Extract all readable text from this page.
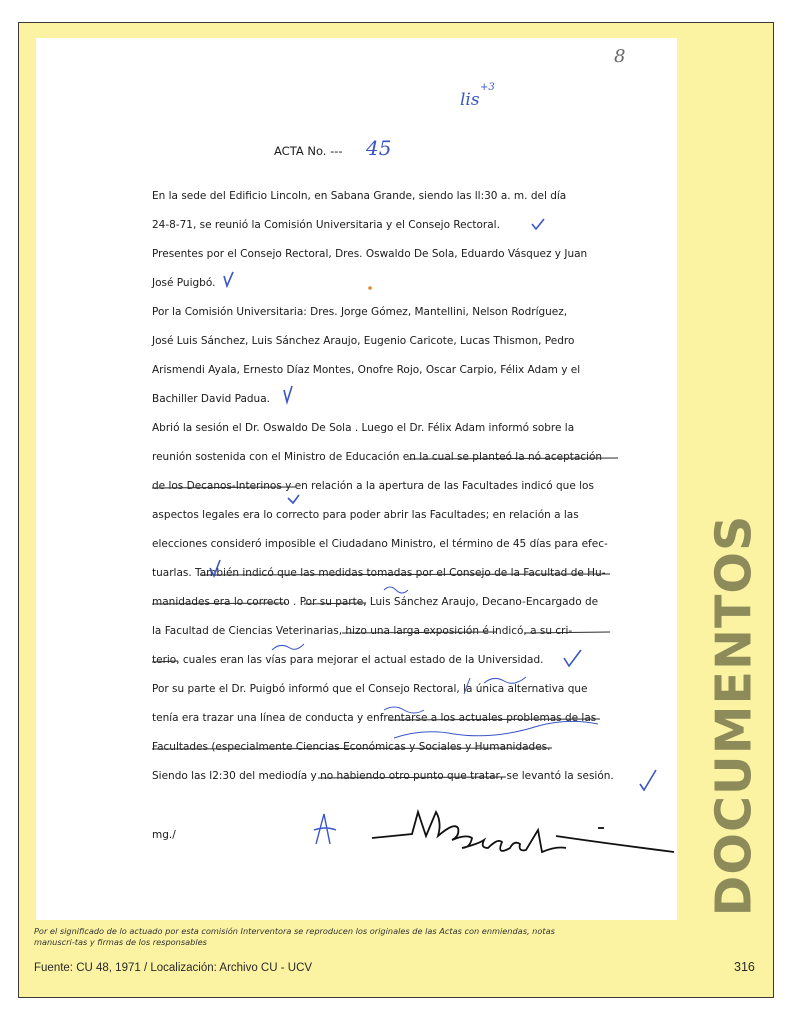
8
lis
+3
ACTA No. --- 45
En la sede del Edificio Lincoln, en Sabana Grande, siendo las ll:30 a. m. del día
24-8-71, se reunió la Comisión Universitaria y el Consejo Rectoral.
Presentes por el Consejo Rectoral, Dres. Oswaldo De Sola, Eduardo Vásquez y Juan
José Puigbó.
Por la Comisión Universitaria: Dres. Jorge Gómez, Mantellini, Nelson Rodríguez,
José Luis Sánchez, Luis Sánchez Araujo, Eugenio Caricote, Lucas Thismon, Pedro
Arismendi Ayala, Ernesto Díaz Montes, Onofre Rojo, Oscar Carpio, Félix Adam y el
Bachiller David Padua.
Abrió la sesión el Dr. Oswaldo De Sola . Luego el Dr. Félix Adam informó sobre la
reunión sostenida con el Ministro de Educación en la cual se planteó la nó aceptación
de los Decanos-Interinos y en relación a la apertura de las Facultades indicó que los
aspectos legales era lo correcto para poder abrir las Facultades; en relación a las
elecciones consideró imposible el Ciudadano Ministro, el término de 45 días para efec-
tuarlas. También indicó que las medidas tomadas por el Consejo de la Facultad de Hu-
manidades era lo correcto . Por su parte, Luis Sánchez Araujo, Decano-Encargado de
la Facultad de Ciencias Veterinarias, hizo una larga exposición é indicó, a su cri-
terio, cuales eran las vías para mejorar el actual estado de la Universidad.
Por su parte el Dr. Puigbó informó que el Consejo Rectoral, la única alternativa que
tenía era trazar una línea de conducta y enfrentarse a los actuales problemas de las
Facultades (especialmente Ciencias Económicas y Sociales y Humanidades.
Siendo las l2:30 del mediodía y no habiendo otro punto que tratar, se levantó la sesión.
mg./	DOCUMENTOS
Por el significado de lo actuado por esta comisión Interventora se reproducen los originales de las Actas con enmiendas, notas manuscri-tas y firmas de los responsables
Fuente: CU 48, 1971 / Localización: Archivo CU - UCV	316
